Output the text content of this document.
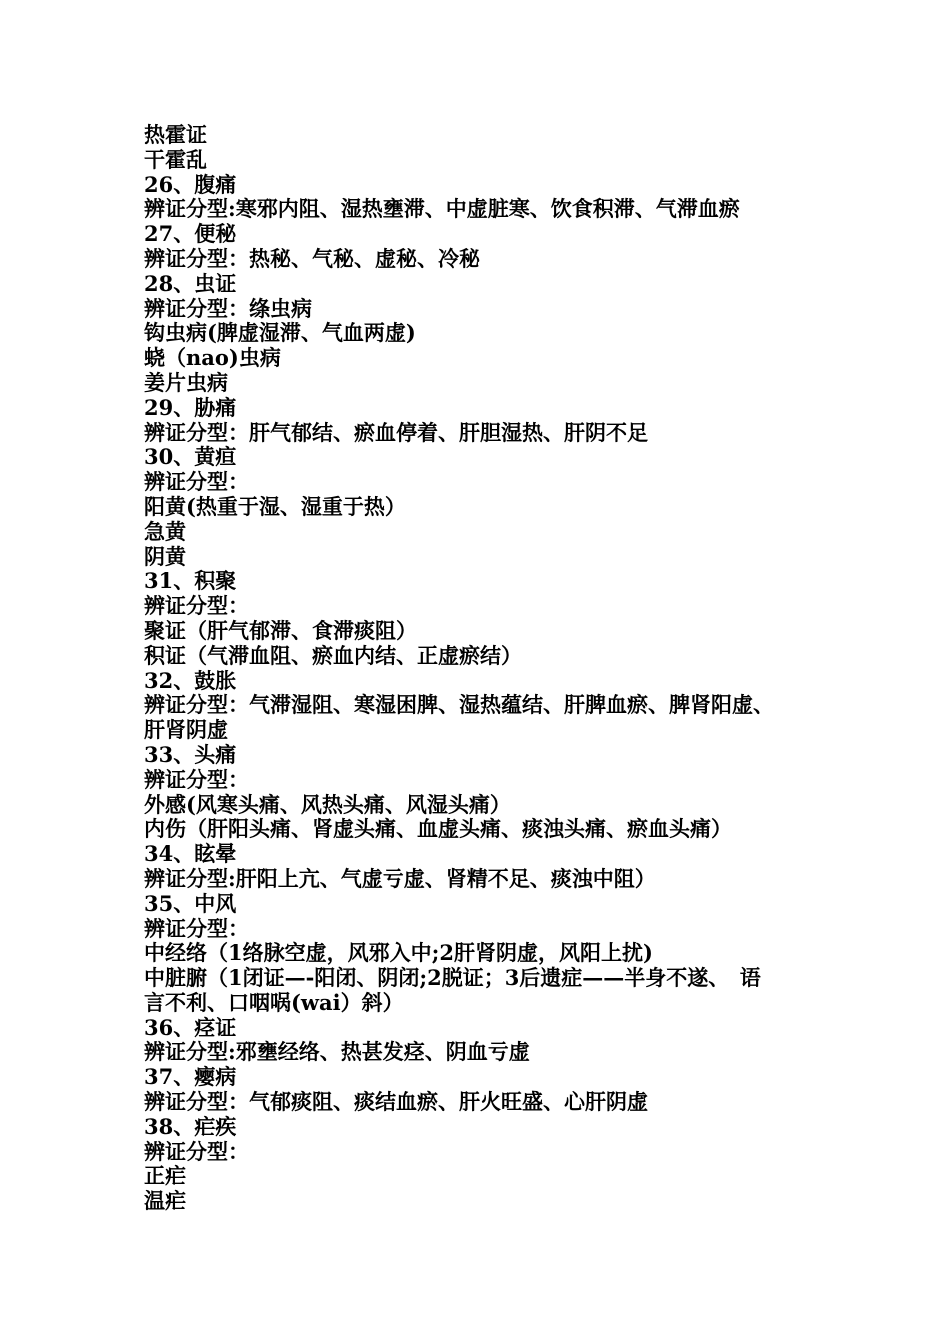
热霍证
干霍乱
26、腹痛
辨证分型:寒邪内阻、湿热壅滞、中虚脏寒、饮食积滞、气滞血瘀
27、便秘
辨证分型：热秘、气秘、虚秘、冷秘
28、虫证
辨证分型：绦虫病
钩虫病(脾虚湿滞、气血两虚)
蛲（nao)虫病
姜片虫病
29、胁痛
辨证分型：肝气郁结、瘀血停着、肝胆湿热、肝阴不足
30、黄疸
辨证分型：
阳黄(热重于湿、湿重于热）
急黄
阴黄
31、积聚
辨证分型：
聚证（肝气郁滞、食滞痰阻）
积证（气滞血阻、瘀血内结、正虚瘀结）
32、鼓胀
辨证分型：气滞湿阻、寒湿困脾、湿热蕴结、肝脾血瘀、脾肾阳虚、
肝肾阴虚
33、头痛
辨证分型：
外感(风寒头痛、风热头痛、风湿头痛）
内伤（肝阳头痛、肾虚头痛、血虚头痛、痰浊头痛、瘀血头痛）
34、眩晕
辨证分型:肝阳上亢、气虚亏虚、肾精不足、痰浊中阻）
35、中风
辨证分型：
中经络（1络脉空虚，风邪入中;2肝肾阴虚，风阳上扰)
中脏腑（1闭证—-阳闭、阴闭;2脱证；3后遗症——半身不遂、　语
言不利、口咽㖞(wai）斜）
36、痉证
辨证分型:邪壅经络、热甚发痉、阴血亏虚
37、瘿病
辨证分型：气郁痰阻、痰结血瘀、肝火旺盛、心肝阴虚
38、疟疾
辨证分型：
正疟
温疟
